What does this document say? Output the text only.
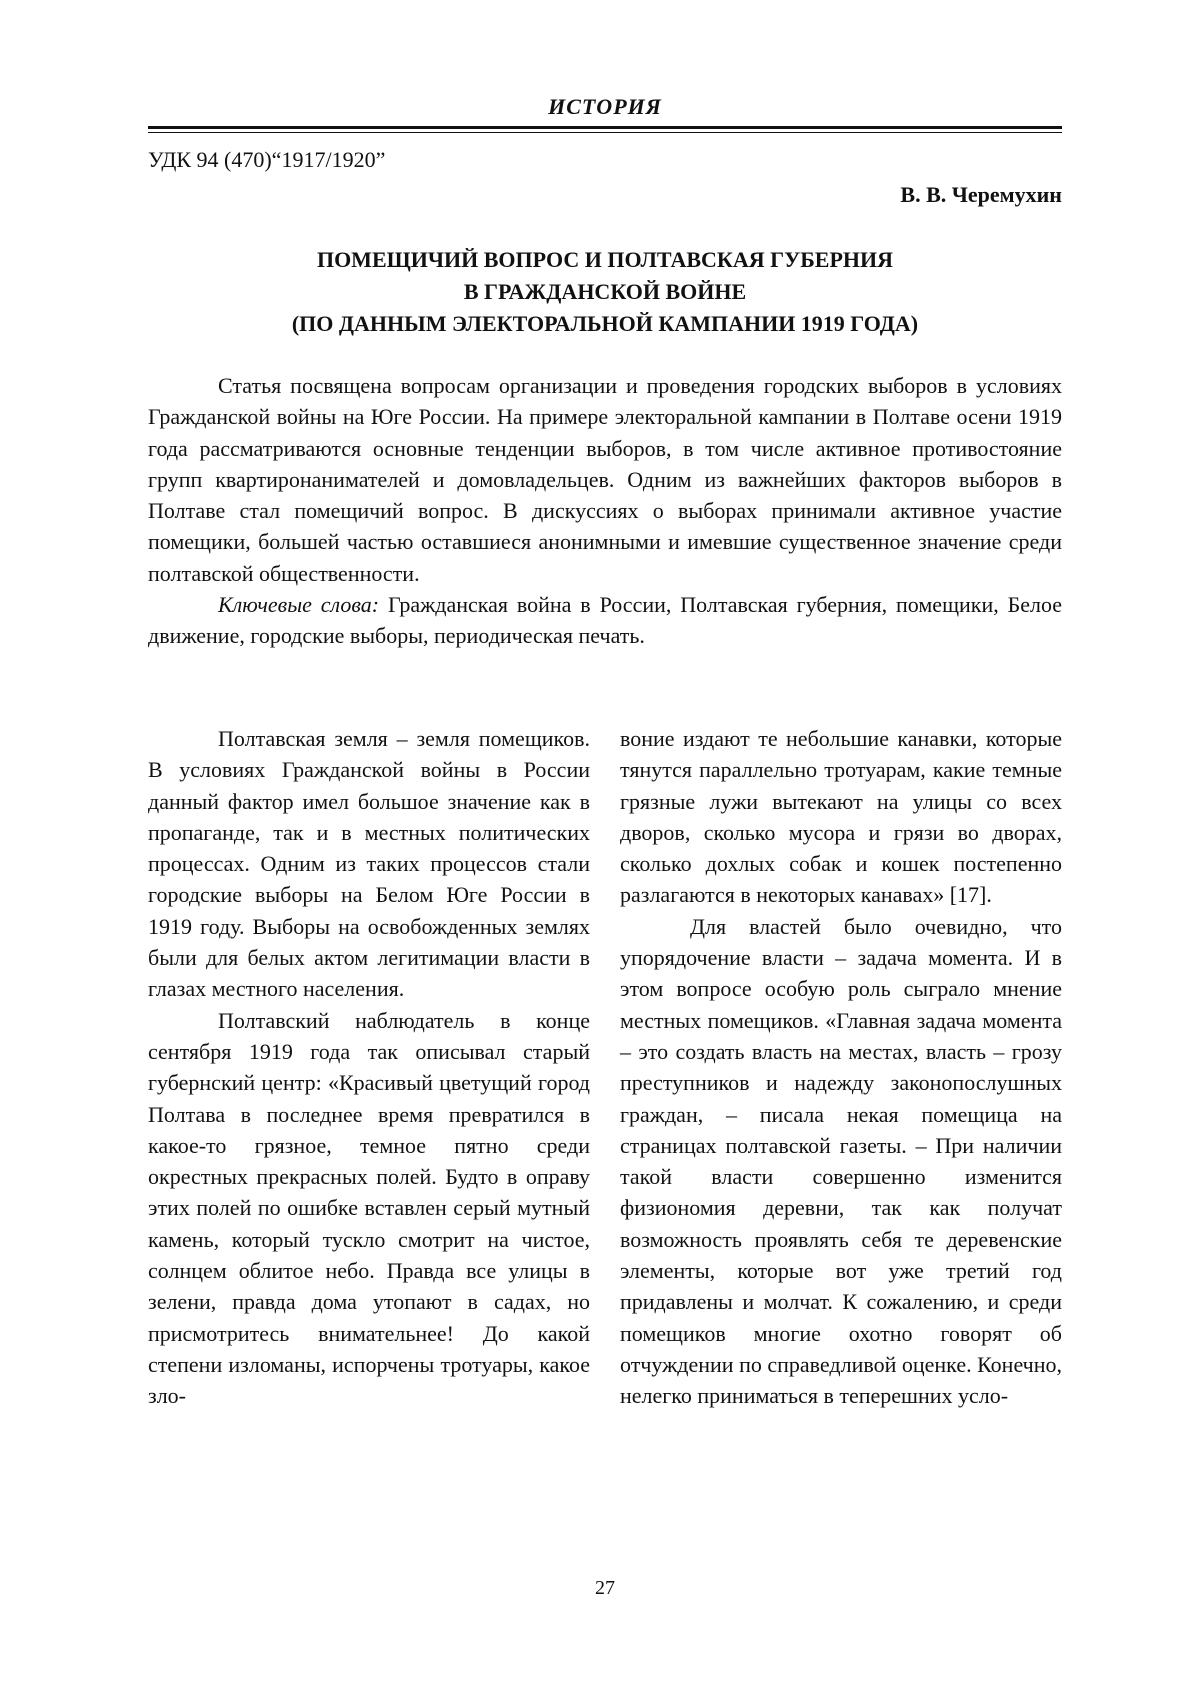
ИСТОРИЯ
УДК 94 (470)“1917/1920”
В. В. Черемухин
ПОМЕЩИЧИЙ ВОПРОС И ПОЛТАВСКАЯ ГУБЕРНИЯ
В ГРАЖДАНСКОЙ ВОЙНЕ
(ПО ДАННЫМ ЭЛЕКТОРАЛЬНОЙ КАМПАНИИ 1919 ГОДА)

Статья посвящена вопросам организации и проведения городских выборов в условиях Гражданской войны на Юге России. На примере электоральной кампании в Полтаве осени 1919 года рассматриваются основные тенденции выборов, в том числе активное противостояние групп квартиронанимателей и домовладельцев. Одним из важнейших факторов выборов в Полтаве стал помещичий вопрос. В дискуссиях о выборах принимали активное участие помещики, большей частью оставшиеся анонимными и имевшие существенное значение среди полтавской общественности.

Ключевые слова: Гражданская война в России, Полтавская губерния, помещики, Белое движение, городские выборы, периодическая печать.

Полтавская земля – земля помещиков. В условиях Гражданской войны в России данный фактор имел большое значение как в пропаганде, так и в местных политических процессах. Одним из таких процессов стали городские выборы на Белом Юге России в 1919 году. Выборы на освобожденных землях были для белых актом легитимации власти в глазах местного населения.

Полтавский наблюдатель в конце сентября 1919 года так описывал старый губернский центр: «Красивый цветущий город Полтава в последнее время превратился в какое-то грязное, темное пятно среди окрестных прекрасных полей. Будто в оправу этих полей по ошибке вставлен серый мутный камень, который тускло смотрит на чистое, солнцем облитое небо. Правда все улицы в зелени, правда дома утопают в садах, но присмотритесь внимательнее! До какой степени изломаны, испорчены тротуары, какое зло-

воние издают те небольшие канавки, которые тянутся параллельно тротуарам, какие темные грязные лужи вытекают на улицы со всех дворов, сколько мусора и грязи во дворах, сколько дохлых собак и кошек постепенно разлагаются в некоторых канавах» [17].

Для властей было очевидно, что упорядочение власти – задача момента. И в этом вопросе особую роль сыграло мнение местных помещиков. «Главная задача момента – это создать власть на местах, власть – грозу преступников и надежду законопослушных граждан, – писала некая помещица на страницах полтавской газеты. – При наличии такой власти совершенно изменится физиономия деревни, так как получат возможность проявлять себя те деревенские элементы, которые вот уже третий год придавлены и молчат. К сожалению, и среди помещиков многие охотно говорят об отчуждении по справедливой оценке. Конечно, нелегко приниматься в теперешних усло-

27
